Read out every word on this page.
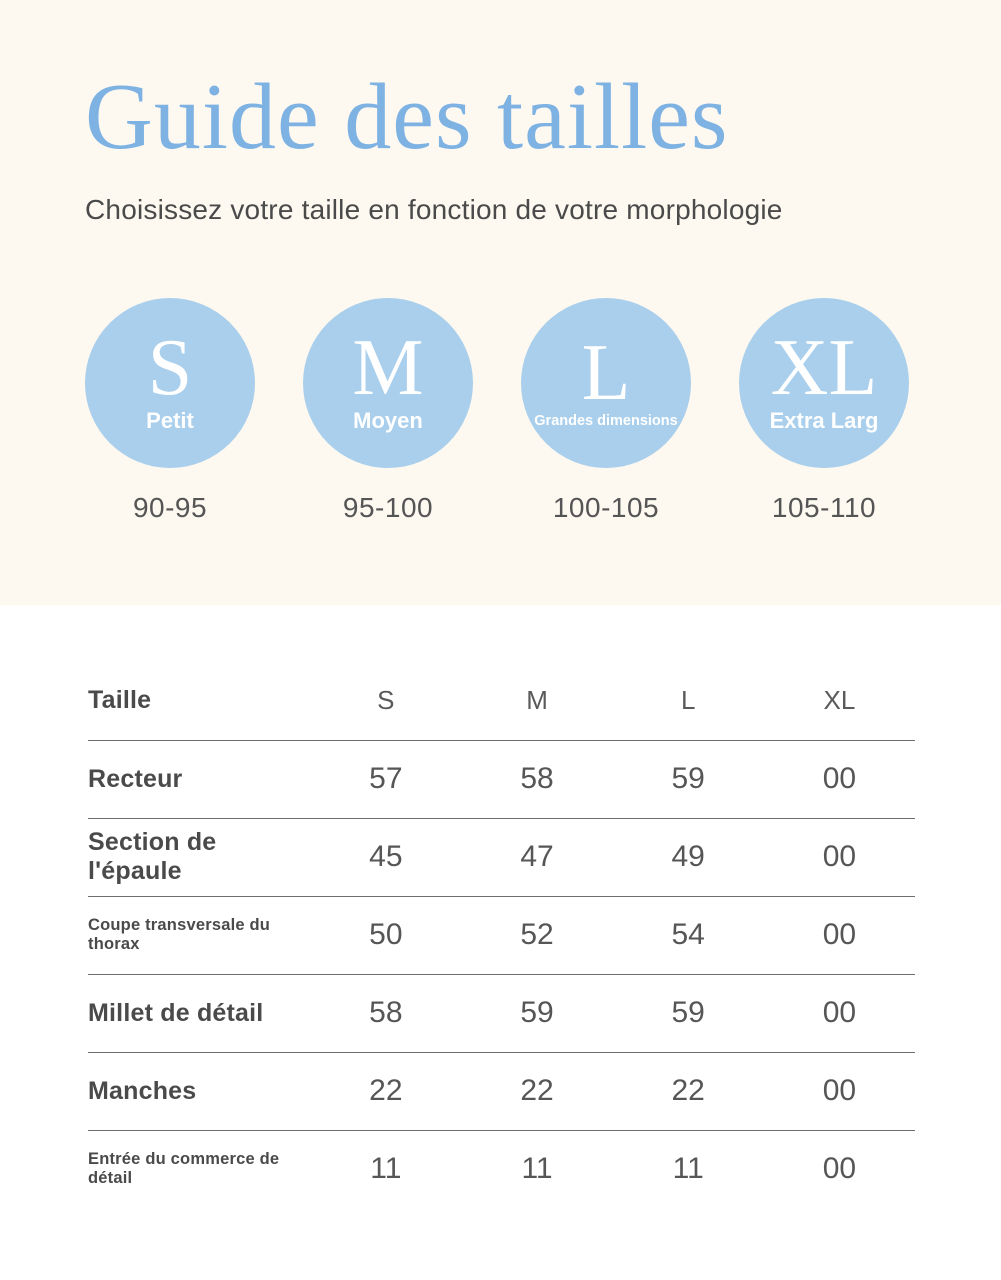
Guide des tailles
Choisissez votre taille en fonction de votre morphologie
S
Petit
90-95
M
Moyen
95-100
L
Grandes dimensions
100-105
XL
Extra Larg
105-110
Taille	S	M	L	XL
Recteur	57	58	59	00
Section de l'épaule	45	47	49	00
Coupe transversale du thorax	50	52	54	00
Millet de détail	58	59	59	00
Manches	22	22	22	00
Entrée du commerce de détail	11	11	11	00
